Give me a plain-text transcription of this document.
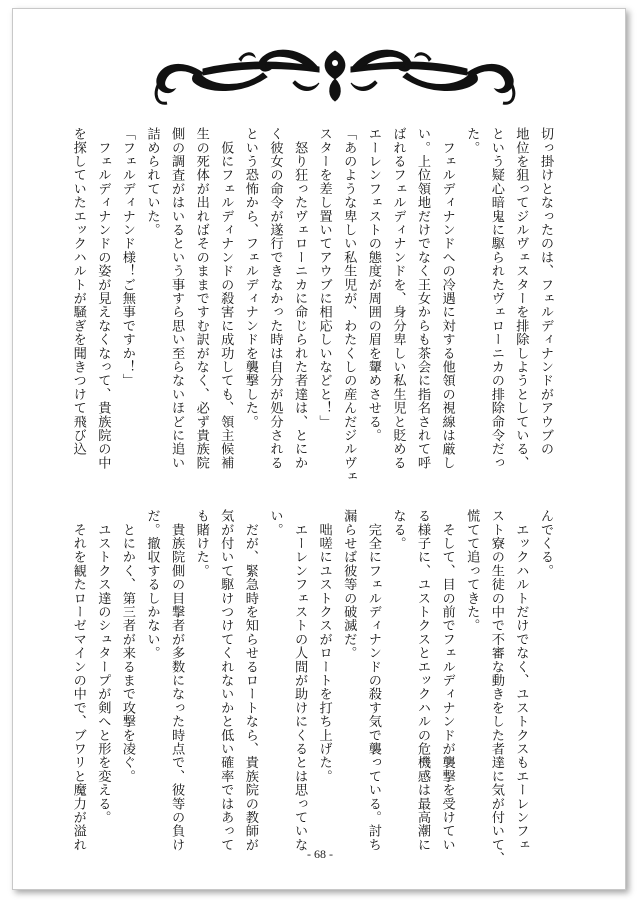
切っ掛けとなったのは、フェルディナンドがアウブの

地位を狙ってジルヴェスターを排除しようとしている、

という疑心暗鬼に駆られたヴェローニカの排除命令だっ

た。

　フェルディナンドへの冷遇に対する他領の視線は厳し

い。上位領地だけでなく王女からも茶会に指名されて呼

ばれるフェルディナンドを、身分卑しい私生児と貶める

エーレンフェストの態度が周囲の眉を顰めさせる。

「あのような卑しい私生児が、わたくしの産んだジルヴェ

スターを差し置いてアウブに相応しいなどと！」

　怒り狂ったヴェローニカに命じられた者達は、とにか

く彼女の命令が遂行できなかった時は自分が処分される

という恐怖から、フェルディナンドを襲撃した。

　仮にフェルディナンドの殺害に成功しても、領主候補

生の死体が出ればそのままですむ訳がなく、必ず貴族院

側の調査がはいるという事すら思い至らないほどに追い

詰められていた。

「フェルディナンド様！ご無事ですか！」

　フェルディナンドの姿が見えなくなって、貴族院の中

を探していたエックハルトが騒ぎを聞きつけて飛び込

んでくる。

　エックハルトだけでなく、ユストクスもエーレンフェ

スト寮の生徒の中で不審な動きをした者達に気が付いて、

慌てて追ってきた。

　そして、目の前でフェルディナンドが襲撃を受けてい

る様子に、ユストクスとエックハルの危機感は最高潮に

なる。

　完全にフェルディナンドの殺す気で襲っている。討ち

漏らせば彼等の破滅だ。

　咄嗟にユストクスがロートを打ち上げた。

　エーレンフェストの人間が助けにくるとは思っていな

い。

　だが、緊急時を知らせるロートなら、貴族院の教師が

気が付いて駆けつけてくれないかと低い確率ではあって

も賭けた。

　貴族院側の目撃者が多数になった時点で、彼等の負け

だ。撤収するしかない。

　とにかく、第三者が来るまで攻撃を凌ぐ。

　ユストクス達のシュタープが剣へと形を変える。

　それを観たローゼマインの中で、ブワリと魔力が溢れ

- 68 -
